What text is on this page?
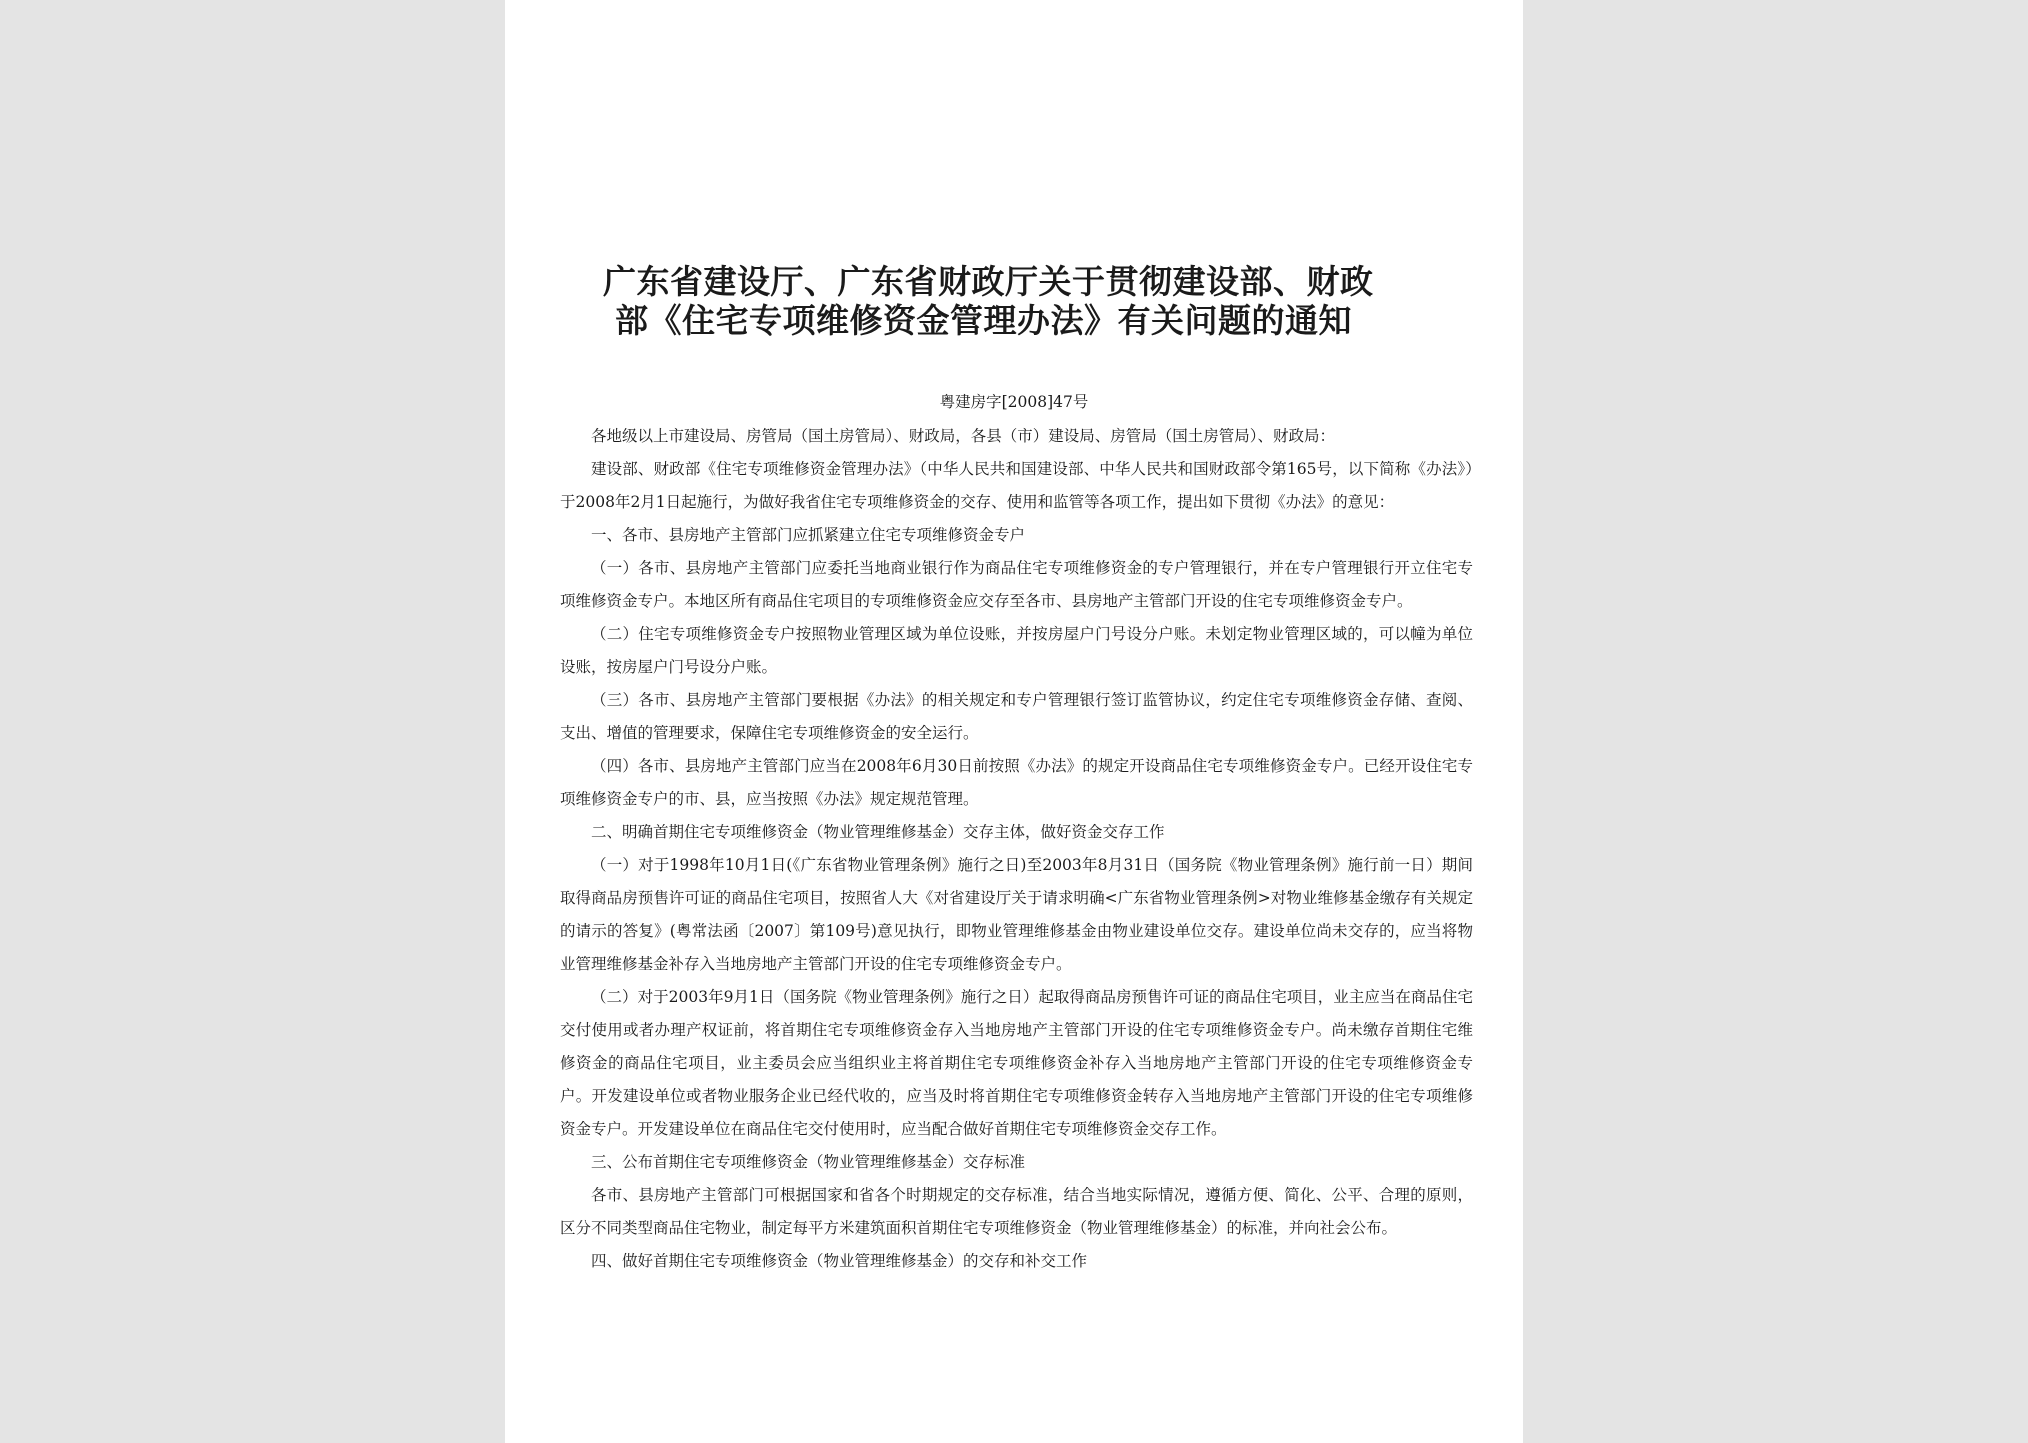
广东省建设厅、广东省财政厅关于贯彻建设部、财政
部《住宅专项维修资金管理办法》有关问题的通知
粤建房字[2008]47号

各地级以上市建设局、房管局（国土房管局）、财政局，各县（市）建设局、房管局（国土房管局）、财政局：

建设部、财政部《住宅专项维修资金管理办法》（中华人民共和国建设部、中华人民共和国财政部令第165号，以下简称《办法》）于2008年2月1日起施行，为做好我省住宅专项维修资金的交存、使用和监管等各项工作，提出如下贯彻《办法》的意见：

一、各市、县房地产主管部门应抓紧建立住宅专项维修资金专户

（一）各市、县房地产主管部门应委托当地商业银行作为商品住宅专项维修资金的专户管理银行，并在专户管理银行开立住宅专项维修资金专户。本地区所有商品住宅项目的专项维修资金应交存至各市、县房地产主管部门开设的住宅专项维修资金专户。

（二）住宅专项维修资金专户按照物业管理区域为单位设账，并按房屋户门号设分户账。未划定物业管理区域的，可以幢为单位设账，按房屋户门号设分户账。

（三）各市、县房地产主管部门要根据《办法》的相关规定和专户管理银行签订监管协议，约定住宅专项维修资金存储、查阅、支出、增值的管理要求，保障住宅专项维修资金的安全运行。

（四）各市、县房地产主管部门应当在2008年6月30日前按照《办法》的规定开设商品住宅专项维修资金专户。已经开设住宅专项维修资金专户的市、县，应当按照《办法》规定规范管理。

二、明确首期住宅专项维修资金（物业管理维修基金）交存主体，做好资金交存工作

（一）对于1998年10月1日(《广东省物业管理条例》施行之日)至2003年8月31日（国务院《物业管理条例》施行前一日）期间取得商品房预售许可证的商品住宅项目，按照省人大《对省建设厅关于请求明确<广东省物业管理条例>对物业维修基金缴存有关规定的请示的答复》(粤常法函〔2007〕第109号)意见执行，即物业管理维修基金由物业建设单位交存。建设单位尚未交存的，应当将物业管理维修基金补存入当地房地产主管部门开设的住宅专项维修资金专户。

（二）对于2003年9月1日（国务院《物业管理条例》施行之日）起取得商品房预售许可证的商品住宅项目，业主应当在商品住宅交付使用或者办理产权证前，将首期住宅专项维修资金存入当地房地产主管部门开设的住宅专项维修资金专户。尚未缴存首期住宅维修资金的商品住宅项目，业主委员会应当组织业主将首期住宅专项维修资金补存入当地房地产主管部门开设的住宅专项维修资金专户。开发建设单位或者物业服务企业已经代收的，应当及时将首期住宅专项维修资金转存入当地房地产主管部门开设的住宅专项维修资金专户。开发建设单位在商品住宅交付使用时，应当配合做好首期住宅专项维修资金交存工作。

三、公布首期住宅专项维修资金（物业管理维修基金）交存标准

各市、县房地产主管部门可根据国家和省各个时期规定的交存标准，结合当地实际情况，遵循方便、简化、公平、合理的原则，区分不同类型商品住宅物业，制定每平方米建筑面积首期住宅专项维修资金（物业管理维修基金）的标准，并向社会公布。

四、做好首期住宅专项维修资金（物业管理维修基金）的交存和补交工作
